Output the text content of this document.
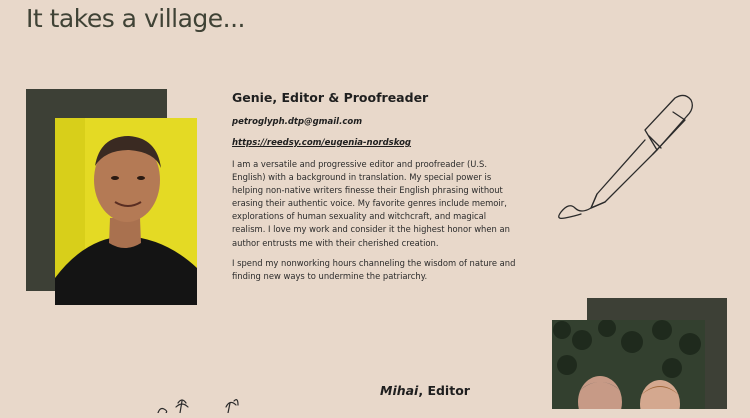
It takes a village...
Genie, Editor & Proofreader
petroglyph.dtp@gmail.com
https://reedsy.com/eugenia-nordskog

I am a versatile and progressive editor and proofreader (U.S. English) with a background in translation. My special power is helping non-native writers finesse their English phrasing without erasing their authentic voice. My favorite genres include memoir, explorations of human sexuality and witchcraft, and magical realism. I love my work and consider it the highest honor when an author entrusts me with their cherished creation.

I spend my nonworking hours channeling the wisdom of nature and finding new ways to undermine the patriarchy.

Mihai, Editor
